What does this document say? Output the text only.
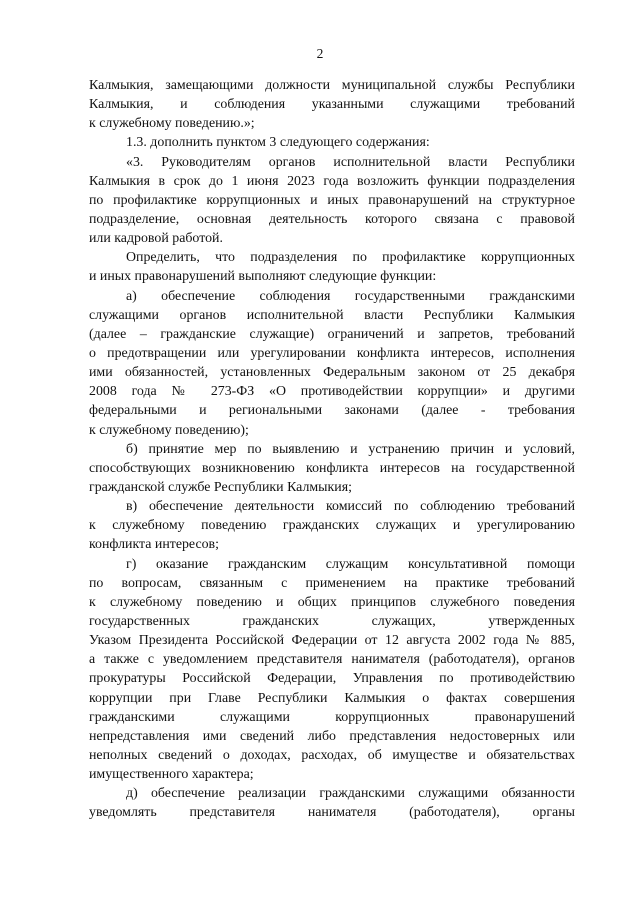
2
Калмыкия, замещающими должности муниципальной службы Республики
Калмыкия, и соблюдения указанными служащими требований
к служебному поведению.»;
1.3. дополнить пунктом 3 следующего содержания:
«3. Руководителям органов исполнительной власти Республики
Калмыкия в срок до 1 июня 2023 года возложить функции подразделения
по профилактике коррупционных и иных правонарушений на структурное
подразделение, основная деятельность которого связана с правовой
или кадровой работой.
Определить, что подразделения по профилактике коррупционных
и иных правонарушений выполняют следующие функции:
а) обеспечение соблюдения государственными гражданскими
служащими органов исполнительной власти Республики Калмыкия
(далее – гражданские служащие) ограничений и запретов, требований
о предотвращении или урегулировании конфликта интересов, исполнения
ими обязанностей, установленных Федеральным законом от 25 декабря
2008 года № 273-ФЗ «О противодействии коррупции» и другими
федеральными и региональными законами (далее - требования
к служебному поведению);
б) принятие мер по выявлению и устранению причин и условий,
способствующих возникновению конфликта интересов на государственной
гражданской службе Республики Калмыкия;
в) обеспечение деятельности комиссий по соблюдению требований
к служебному поведению гражданских служащих и урегулированию
конфликта интересов;
г) оказание гражданским служащим консультативной помощи
по вопросам, связанным с применением на практике требований
к служебному поведению и общих принципов служебного поведения
государственных гражданских служащих, утвержденных
Указом Президента Российской Федерации от 12 августа 2002 года № 885,
а также с уведомлением представителя нанимателя (работодателя), органов
прокуратуры Российской Федерации, Управления по противодействию
коррупции при Главе Республики Калмыкия о фактах совершения
гражданскими служащими коррупционных правонарушений
непредставления ими сведений либо представления недостоверных или
неполных сведений о доходах, расходах, об имуществе и обязательствах
имущественного характера;
д) обеспечение реализации гражданскими служащими обязанности
уведомлять представителя нанимателя (работодателя), органы
